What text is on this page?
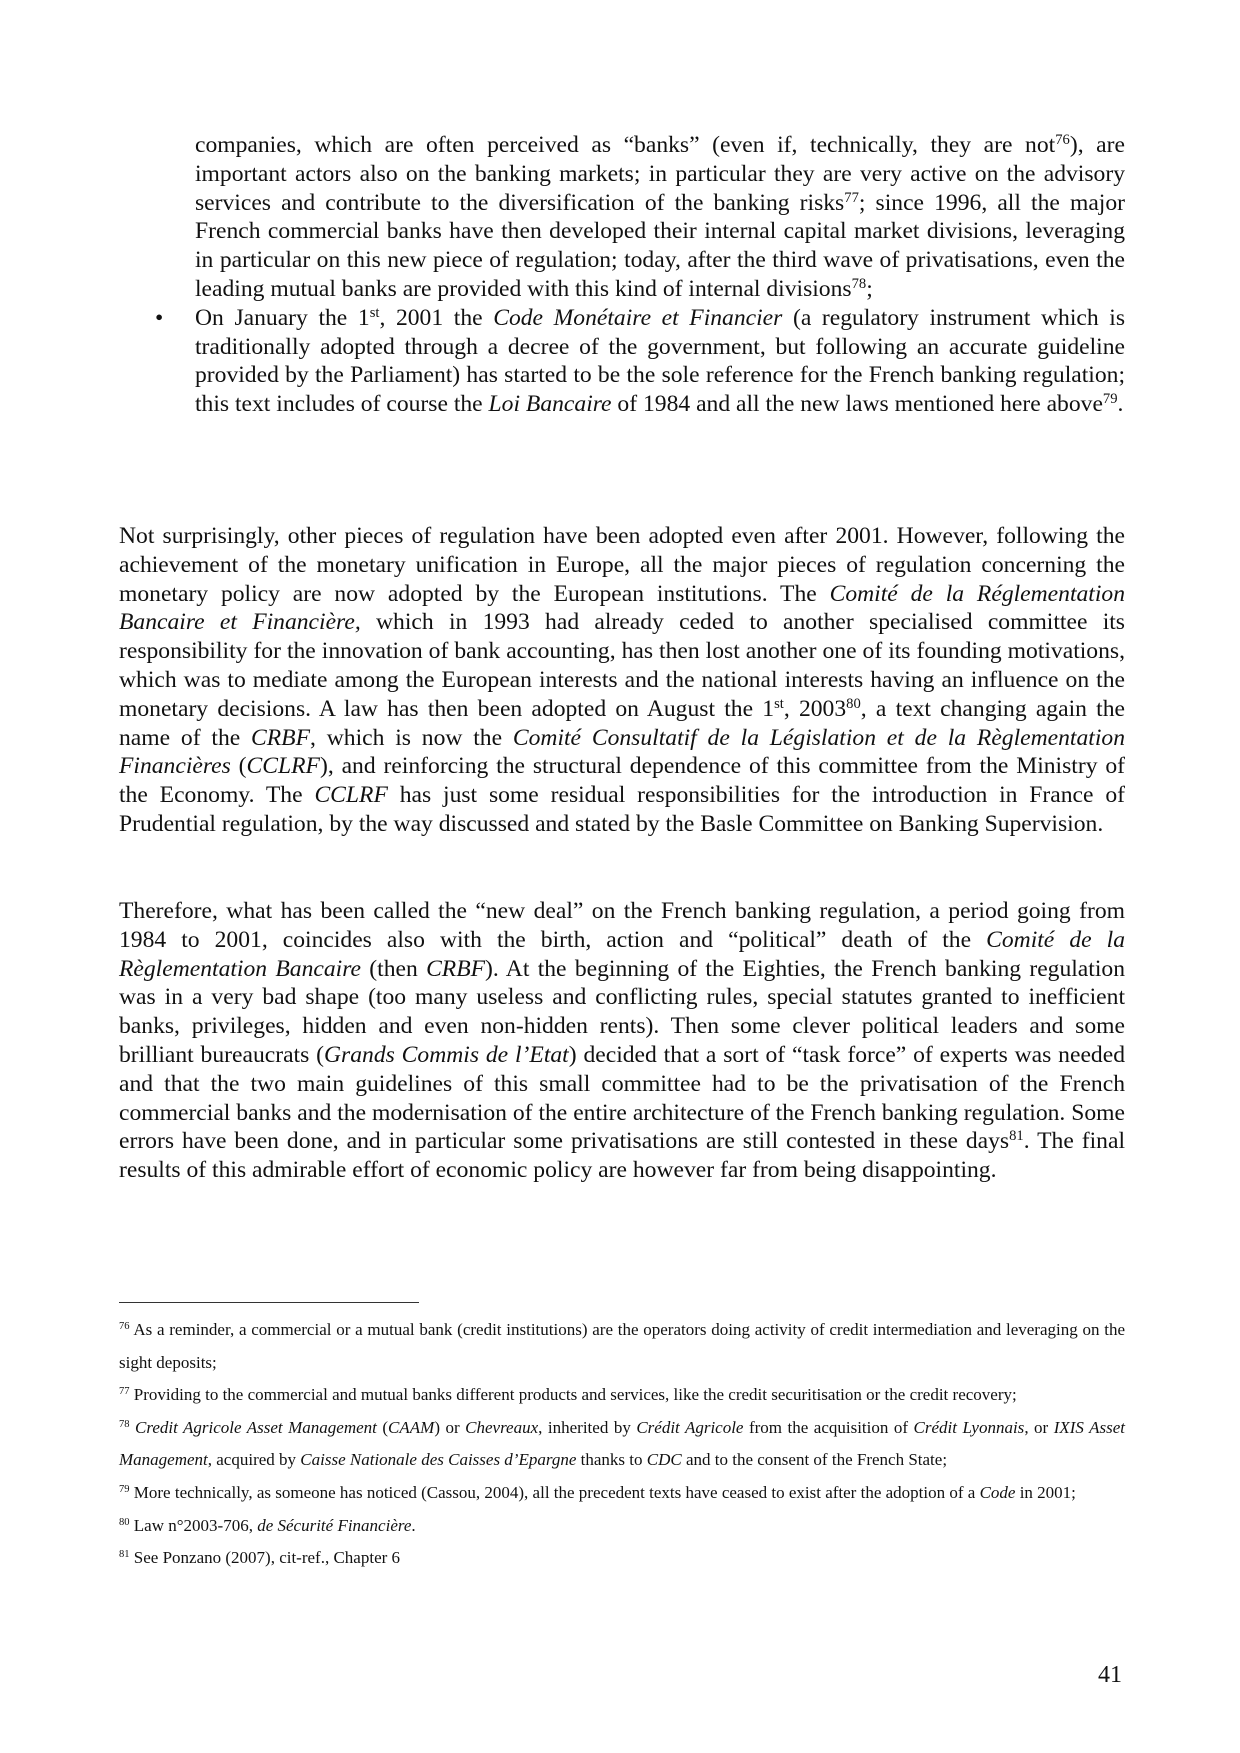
companies, which are often perceived as “banks” (even if, technically, they are not$^{76}$), are important actors also on the banking markets; in particular they are very active on the advisory services and contribute to the diversification of the banking risks$^{77}$; since 1996, all the major French commercial banks have then developed their internal capital market divisions, leveraging in particular on this new piece of regulation; today, after the third wave of privatisations, even the leading mutual banks are provided with this kind of internal divisions$^{78}$;

• On January the 1st, 2001 the Code Monétaire et Financier (a regulatory instrument which is traditionally adopted through a decree of the government, but following an accurate guideline provided by the Parliament) has started to be the sole reference for the French banking regulation; this text includes of course the Loi Bancaire of 1984 and all the new laws mentioned here above$^{79}$.

Not surprisingly, other pieces of regulation have been adopted even after 2001. However, following the achievement of the monetary unification in Europe, all the major pieces of regulation concerning the monetary policy are now adopted by the European institutions. The Comité de la Réglementation Bancaire et Financière, which in 1993 had already ceded to another specialised committee its responsibility for the innovation of bank accounting, has then lost another one of its founding motivations, which was to mediate among the European interests and the national interests having an influence on the monetary decisions. A law has then been adopted on August the 1st, 2003$^{80}$, a text changing again the name of the CRBF, which is now the Comité Consultatif de la Législation et de la Règlementation Financières (CCLRF), and reinforcing the structural dependence of this committee from the Ministry of the Economy. The CCLRF has just some residual responsibilities for the introduction in France of Prudential regulation, by the way discussed and stated by the Basle Committee on Banking Supervision.

Therefore, what has been called the “new deal” on the French banking regulation, a period going from 1984 to 2001, coincides also with the birth, action and “political” death of the Comité de la Règlementation Bancaire (then CRBF). At the beginning of the Eighties, the French banking regulation was in a very bad shape (too many useless and conflicting rules, special statutes granted to inefficient banks, privileges, hidden and even non-hidden rents). Then some clever political leaders and some brilliant bureaucrats (Grands Commis de l’Etat) decided that a sort of “task force” of experts was needed and that the two main guidelines of this small committee had to be the privatisation of the French commercial banks and the modernisation of the entire architecture of the French banking regulation. Some errors have been done, and in particular some privatisations are still contested in these days$^{81}$. The final results of this admirable effort of economic policy are however far from being disappointing.

$^{76}$ As a reminder, a commercial or a mutual bank (credit institutions) are the operators doing activity of credit intermediation and leveraging on the sight deposits;

$^{77}$ Providing to the commercial and mutual banks different products and services, like the credit securitisation or the credit recovery;

$^{78}$ Credit Agricole Asset Management (CAAM) or Chevreaux, inherited by Crédit Agricole from the acquisition of Crédit Lyonnais, or IXIS Asset Management, acquired by Caisse Nationale des Caisses d’Epargne thanks to CDC and to the consent of the French State;

$^{79}$ More technically, as someone has noticed (Cassou, 2004), all the precedent texts have ceased to exist after the adoption of a Code in 2001;

$^{80}$ Law n°2003-706, de Sécurité Financière.

$^{81}$ See Ponzano (2007), cit-ref., Chapter 6

41
